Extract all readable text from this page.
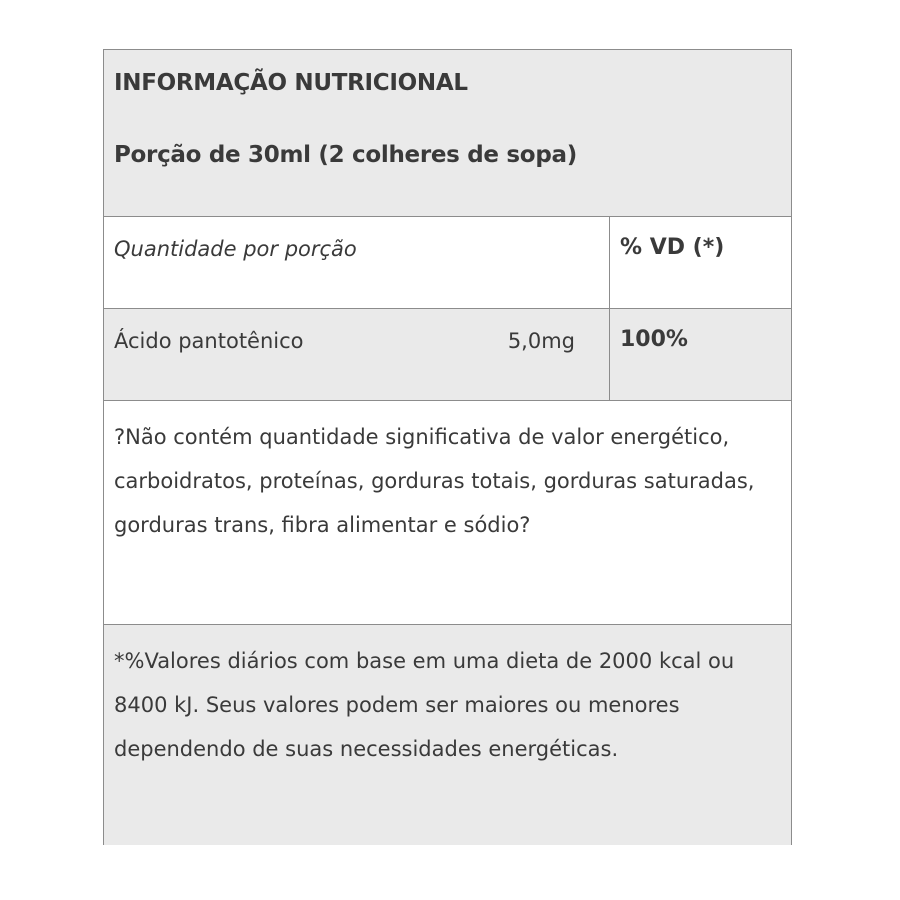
INFORMAÇÃO NUTRICIONAL
Porção de 30ml (2 colheres de sopa)
Quantidade por porção	% VD (*)
Ácido pantotênico	5,0mg 100%
?Não contém quantidade significativa de valor energético, carboidratos, proteínas, gorduras totais, gorduras saturadas, gorduras trans, fibra alimentar e sódio?
*%Valores diários com base em uma dieta de 2000 kcal ou 8400 kJ. Seus valores podem ser maiores ou menores dependendo de suas necessidades energéticas.
